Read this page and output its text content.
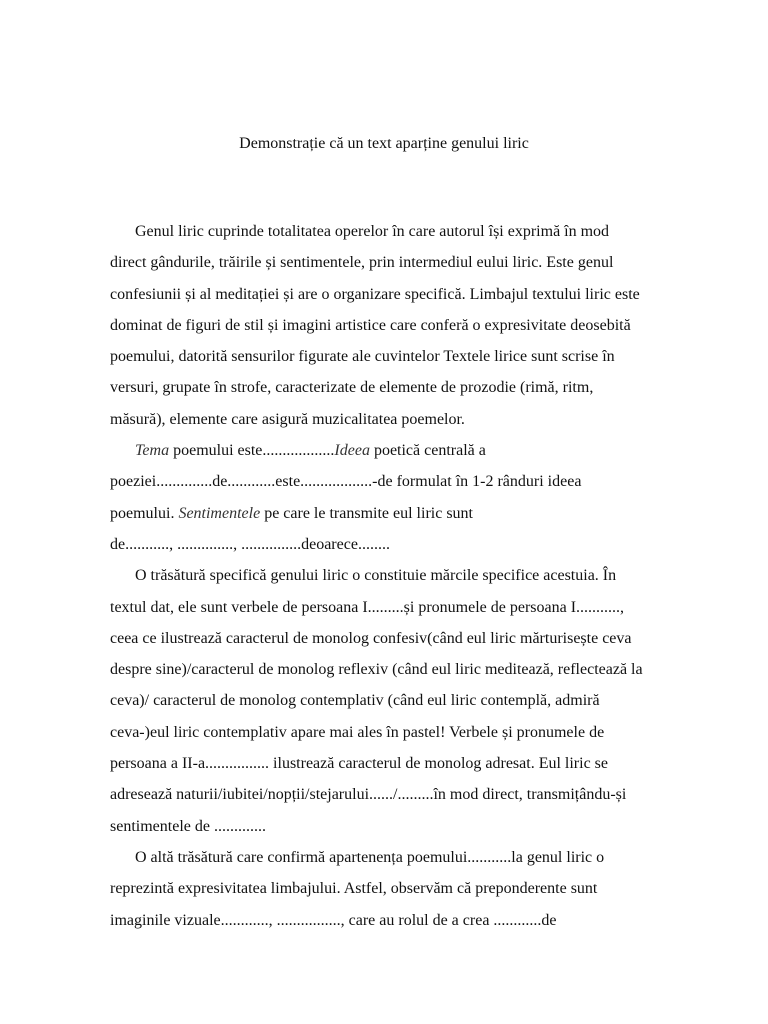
Demonstrație că un text aparține genului liric
Genul liric cuprinde totalitatea operelor în care autorul își exprimă în mod
direct gândurile, trăirile și sentimentele, prin intermediul eului liric. Este genul
confesiunii și al meditației și are o organizare specifică. Limbajul textului liric este
dominat de figuri de stil și imagini artistice care conferă o expresivitate deosebită
poemului, datorită sensurilor figurate ale cuvintelor Textele lirice sunt scrise în
versuri, grupate în strofe, caracterizate de elemente de prozodie (rimă, ritm,
măsură), elemente care asigură muzicalitatea poemelor.
Tema poemului este..................Ideea poetică centrală a
poeziei..............de............este..................-de formulat în 1-2 rânduri ideea
poemului. Sentimentele pe care le transmite eul liric sunt
de..........., .............., ...............deoarece........
O trăsătură specifică genului liric o constituie mărcile specifice acestuia. În
textul dat, ele sunt verbele de persoana I.........și pronumele de persoana I...........,
ceea ce ilustrează caracterul de monolog confesiv(când eul liric mărturisește ceva
despre sine)/caracterul de monolog reflexiv (când eul liric meditează, reflectează la
ceva)/ caracterul de monolog contemplativ (când eul liric contemplă, admiră
ceva-)eul liric contemplativ apare mai ales în pastel! Verbele și pronumele de
persoana a II-a................ ilustrează caracterul de monolog adresat. Eul liric se
adresează naturii/iubitei/nopții/stejarului....../.........în mod direct, transmițându-și
sentimentele de .............
O altă trăsătură care confirmă apartenența poemului...........la genul liric o
reprezintă expresivitatea limbajului. Astfel, observăm că preponderente sunt
imaginile vizuale............, ................, care au rolul de a crea ............de
